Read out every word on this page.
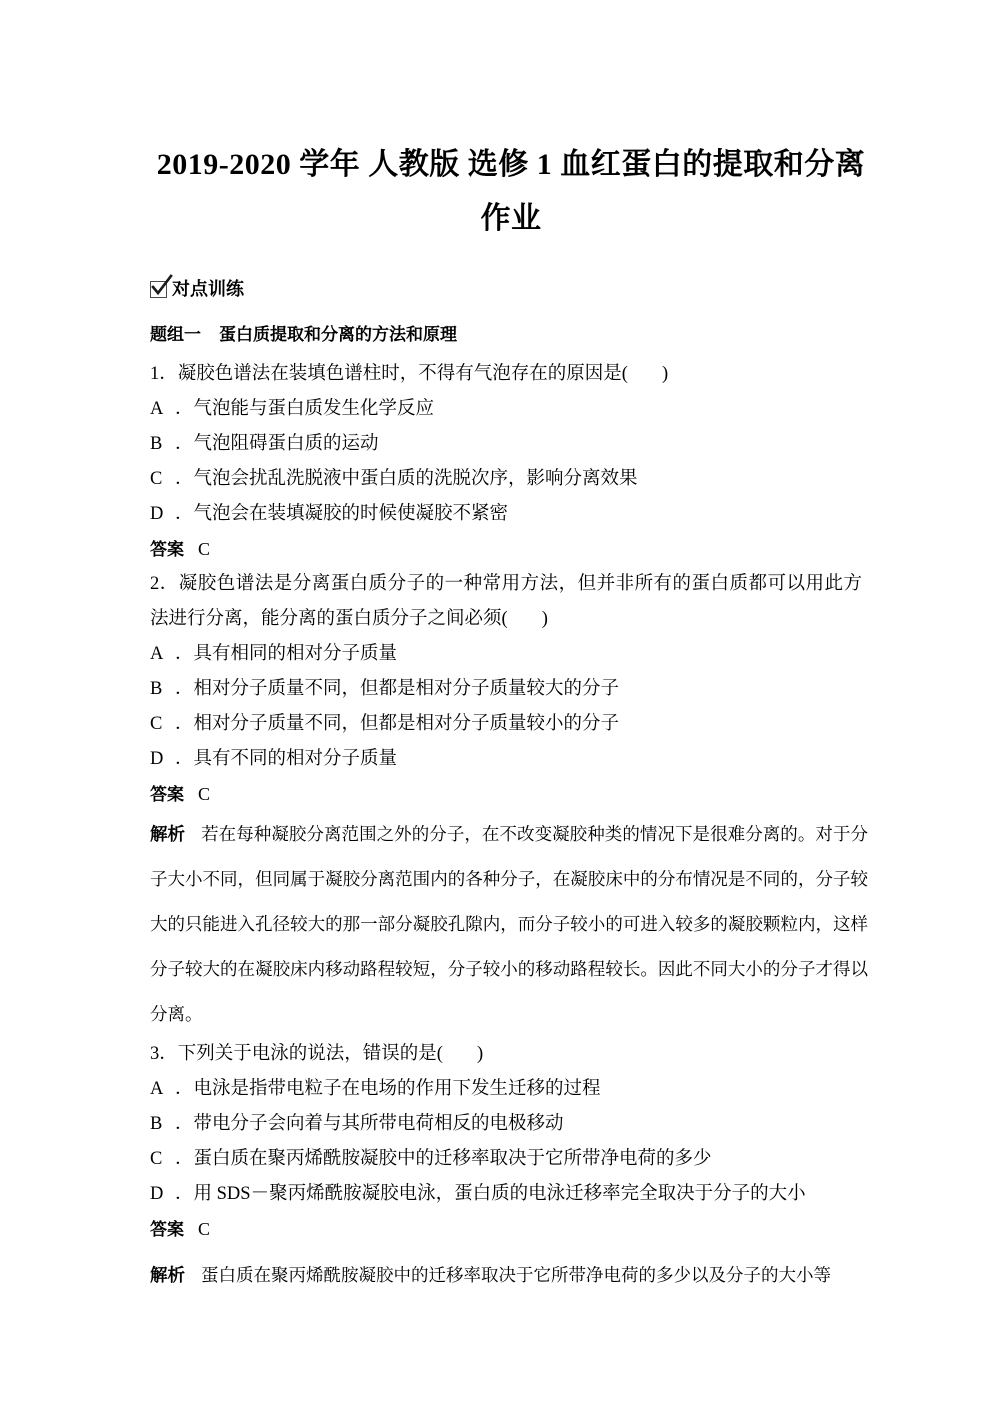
2019-2020 学年 人教版 选修 1 血红蛋白的提取和分离 作业
对点训练
题组一 蛋白质提取和分离的方法和原理
1．凝胶色谱法在装填色谱柱时，不得有气泡存在的原因是( )
A ．气泡能与蛋白质发生化学反应
B ．气泡阻碍蛋白质的运动
C ．气泡会扰乱洗脱液中蛋白质的洗脱次序，影响分离效果
D ．气泡会在装填凝胶的时候使凝胶不紧密
答案 C
2．凝胶色谱法是分离蛋白质分子的一种常用方法，但并非所有的蛋白质都可以用此方法进行分离，能分离的蛋白质分子之间必须( )
A ．具有相同的相对分子质量
B ．相对分子质量不同，但都是相对分子质量较大的分子
C ．相对分子质量不同，但都是相对分子质量较小的分子
D ．具有不同的相对分子质量
答案 C
解析 若在每种凝胶分离范围之外的分子，在不改变凝胶种类的情况下是很难分离的。对于分子大小不同，但同属于凝胶分离范围内的各种分子，在凝胶床中的分布情况是不同的，分子较大的只能进入孔径较大的那一部分凝胶孔隙内，而分子较小的可进入较多的凝胶颗粒内，这样分子较大的在凝胶床内移动路程较短，分子较小的移动路程较长。因此不同大小的分子才得以分离。
3．下列关于电泳的说法，错误的是( )
A ．电泳是指带电粒子在电场的作用下发生迁移的过程
B ．带电分子会向着与其所带电荷相反的电极移动
C ．蛋白质在聚丙烯酰胺凝胶中的迁移率取决于它所带净电荷的多少
D ．用 SDS－聚丙烯酰胺凝胶电泳，蛋白质的电泳迁移率完全取决于分子的大小
答案 C
解析 蛋白质在聚丙烯酰胺凝胶中的迁移率取决于它所带净电荷的多少以及分子的大小等
